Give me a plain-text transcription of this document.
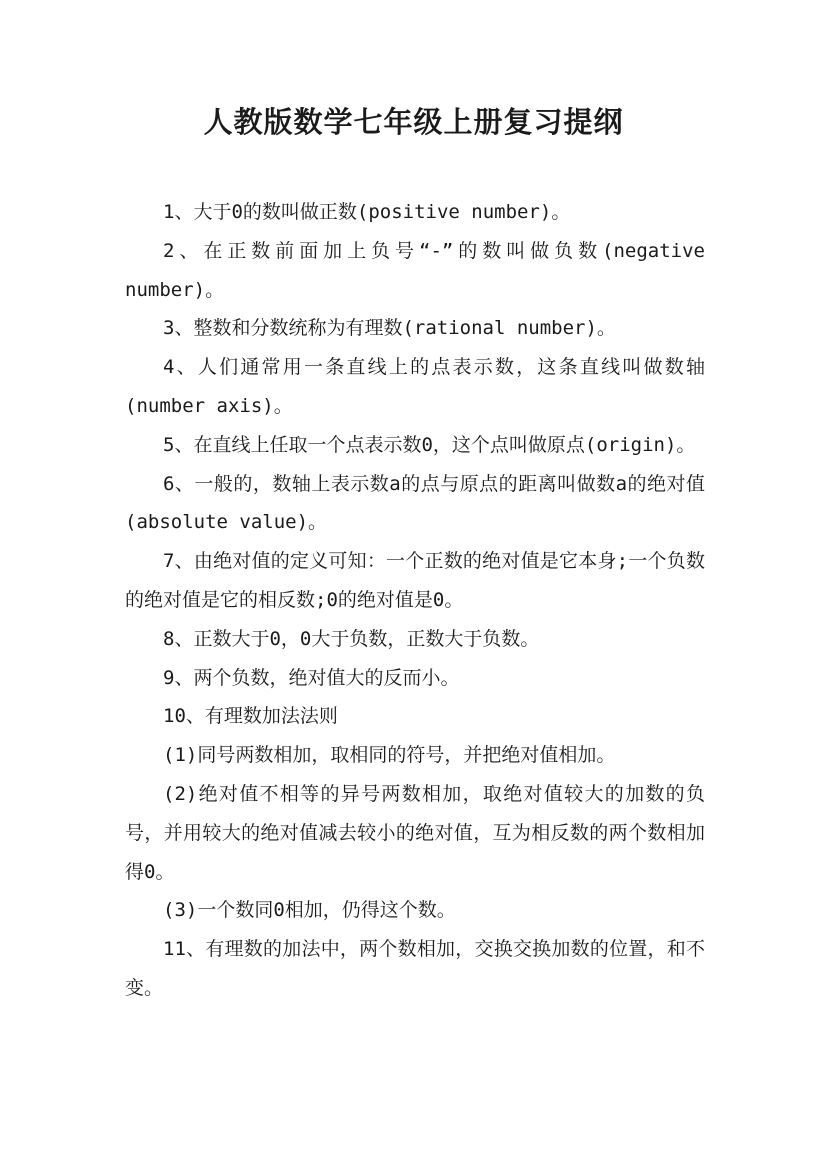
人教版数学七年级上册复习提纲

1、大于0的数叫做正数(positive number)。

2、在正数前面加上负号“-”的数叫做负数(negative number)。

3、整数和分数统称为有理数(rational number)。

4、人们通常用一条直线上的点表示数，这条直线叫做数轴(number axis)。

5、在直线上任取一个点表示数0，这个点叫做原点(origin)。

6、一般的，数轴上表示数a的点与原点的距离叫做数a的绝对值(absolute value)。

7、由绝对值的定义可知：一个正数的绝对值是它本身;一个负数的绝对值是它的相反数;0的绝对值是0。

8、正数大于0，0大于负数，正数大于负数。

9、两个负数，绝对值大的反而小。

10、有理数加法法则

(1)同号两数相加，取相同的符号，并把绝对值相加。

(2)绝对值不相等的异号两数相加，取绝对值较大的加数的负号，并用较大的绝对值减去较小的绝对值，互为相反数的两个数相加得0。

(3)一个数同0相加，仍得这个数。

11、有理数的加法中，两个数相加，交换交换加数的位置，和不变。
